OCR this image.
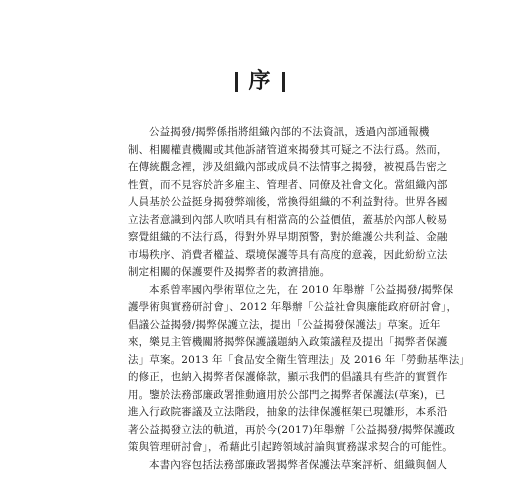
序
公益揭發/揭弊係指將組織內部的不法資訊，透過內部通報機
制、相關權責機關或其他訴諸管道來揭發其可疑之不法行爲。然而，
在傳統觀念裡，涉及組織內部或成員不法情事之揭發，被視爲告密之
性質，而不見容於許多雇主、管理者、同僚及社會文化。當組織內部
人員基於公益挺身揭發弊端後，常換得組織的不利益對待。世界各國
立法者意識到內部人吹哨具有相當高的公益價值，蓋基於內部人較易
察覺組織的不法行爲，得對外界早期預警，對於維護公共利益、金融
市場秩序、消費者權益、環境保護等具有高度的意義，因此紛紛立法
制定相關的保護要件及揭弊者的救濟措施。
本系曾率國內學術單位之先，在 2010 年舉辦「公益揭發/揭弊保
護學術與實務研討會」、2012 年舉辦「公益社會與廉能政府研討會」，
倡議公益揭發/揭弊保護立法，提出「公益揭發保護法」草案。近年
來，樂見主管機關將揭弊保護議題納入政策議程及提出「揭弊者保護
法」草案。2013 年「食品安全衛生管理法」及 2016 年「勞動基準法」
的修正，也納入揭弊者保護條款，顯示我們的倡議具有些許的實質作
用。鑒於法務部廉政署推動適用於公部門之揭弊者保護法(草案)，已
進入行政院審議及立法階段，抽象的法律保護框架已現雛形，本系沿
著公益揭發立法的軌道，再於今(2017)年舉辦「公益揭發/揭弊保護政
策與管理研討會」，希藉此引起跨領域討論與實務謀求契合的可能性。
本書內容包括法務部廉政署揭弊者保護法草案評析、組織與個人
